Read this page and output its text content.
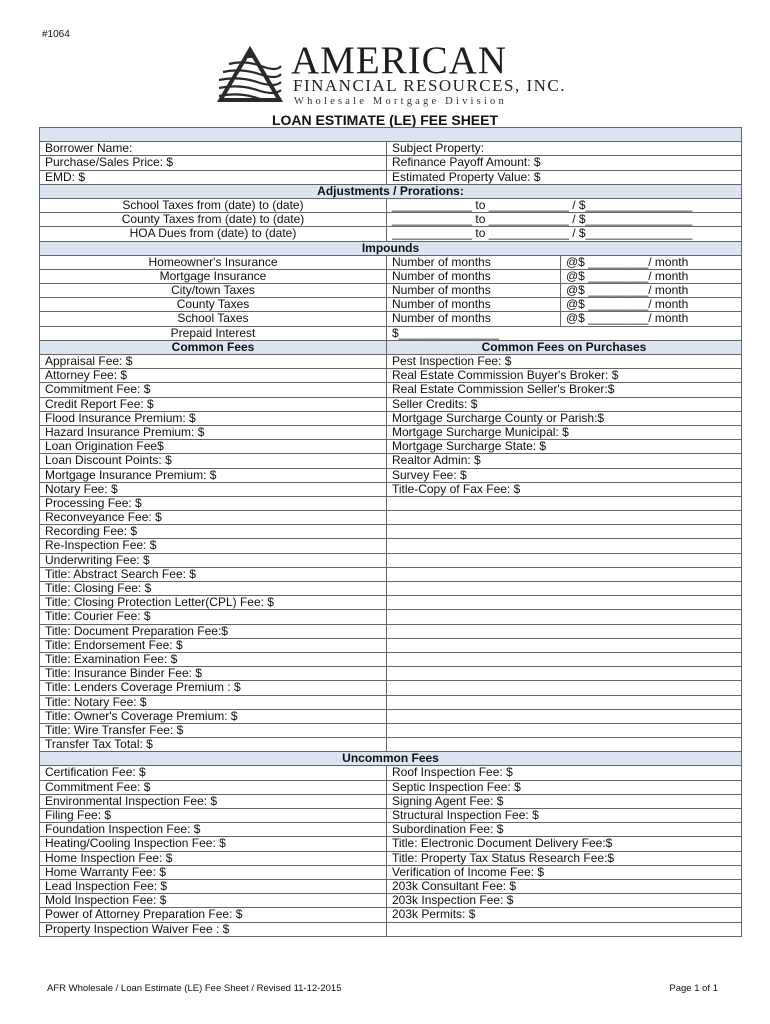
#1064
AMERICAN
FINANCIAL RESOURCES, INC.
Wholesale Mortgage Division
LOAN ESTIMATE (LE) FEE SHEET

Borrower Name:	Subject Property:	
Purchase/Sales Price: $	Refinance Payoff Amount: $	
EMD: $	Estimated Property Value: $	
Adjustments / Prorations:		
School Taxes from (date) to (date)	____________ to ____________ / $________________	
County Taxes from (date) to (date)	____________ to ____________ / $________________	
HOA Dues from (date) to (date)	____________ to ____________ / $________________	
Impounds		
Homeowner's Insurance	Number of months	@$ _________/ month
Mortgage Insurance	Number of months	@$ _________/ month
City/town Taxes	Number of months	@$ _________/ month
County Taxes	Number of months	@$ _________/ month
School Taxes	Number of months	@$ _________/ month
Prepaid Interest	$_______________	
Common Fees	Common Fees on Purchases	
Appraisal Fee: $	Pest Inspection Fee: $	
Attorney Fee: $	Real Estate Commission Buyer's Broker: $	
Commitment Fee: $	Real Estate Commission Seller's Broker:$	
Credit Report Fee: $	Seller Credits: $	
Flood Insurance Premium: $	Mortgage Surcharge County or Parish:$	
Hazard Insurance Premium: $	Mortgage Surcharge Municipal: $	
Loan Origination Fee$	Mortgage Surcharge State: $	
Loan Discount Points: $	Realtor Admin: $	
Mortgage Insurance Premium: $	Survey Fee: $	
Notary Fee: $	Title-Copy of Fax Fee: $	
Processing Fee: $		
Reconveyance Fee: $		
Recording Fee: $		
Re-Inspection Fee: $		
Underwriting Fee: $		
Title: Abstract Search Fee: $		
Title: Closing Fee: $		
Title: Closing Protection Letter(CPL) Fee: $		
Title: Courier Fee: $		
Title: Document Preparation Fee:$		
Title: Endorsement Fee: $		
Title: Examination Fee: $		
Title: Insurance Binder Fee: $		
Title: Lenders Coverage Premium : $		
Title: Notary Fee: $		
Title: Owner's Coverage Premium: $		
Title: Wire Transfer Fee: $		
Transfer Tax Total: $		
Uncommon Fees		
Certification Fee: $	Roof Inspection Fee: $	
Commitment Fee: $	Septic Inspection Fee: $	
Environmental Inspection Fee: $	Signing Agent Fee: $	
Filing Fee: $	Structural Inspection Fee: $	
Foundation Inspection Fee: $	Subordination Fee: $	
Heating/Cooling Inspection Fee: $	Title: Electronic Document Delivery Fee:$	
Home Inspection Fee: $	Title: Property Tax Status Research Fee:$	
Home Warranty Fee: $	Verification of Income Fee: $	
Lead Inspection Fee: $	203k Consultant Fee: $	
Mold Inspection Fee: $	203k Inspection Fee: $	
Power of Attorney Preparation Fee: $	203k Permits: $	
Property Inspection Waiver Fee : $		
AFR Wholesale / Loan Estimate (LE) Fee Sheet / Revised 11-12-2015	Page 1 of 1
